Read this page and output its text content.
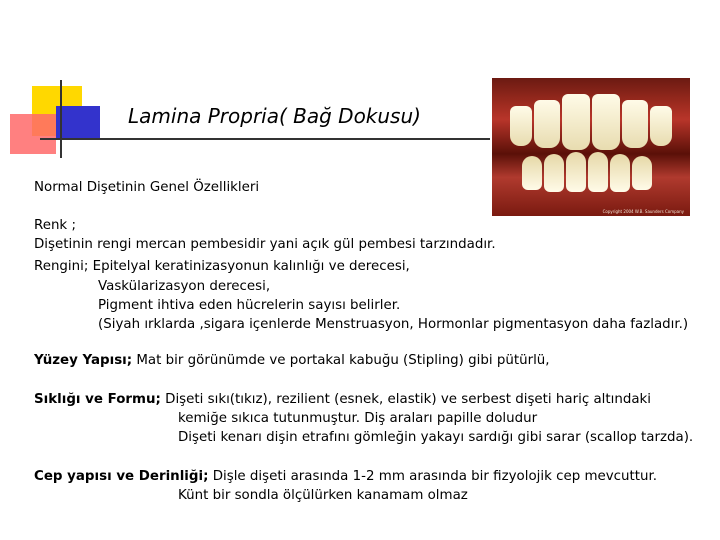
Lamina Propria( Bağ Dokusu)
Copyright 2004 W.B. Saunders Company
Normal Dişetinin Genel Özellikleri
Renk ;
Dişetinin rengi mercan pembesidir yani açık gül pembesi tarzındadır.
Rengini; Epitelyal keratinizasyonun kalınlığı ve derecesi,
Vaskülarizasyon derecesi,
Pigment ihtiva eden hücrelerin sayısı belirler.
(Siyah ırklarda ,sigara içenlerde Menstruasyon, Hormonlar pigmentasyon daha fazladır.)
Yüzey Yapısı; Mat bir görünümde ve portakal kabuğu (Stipling) gibi pütürlü,
Sıklığı ve Formu; Dişeti sıkı(tıkız), rezilient (esnek, elastik) ve serbest dişeti hariç altındaki
kemiğe sıkıca tutunmuştur. Diş araları papille doludur
Dişeti kenarı dişin etrafını gömleğin yakayı sardığı gibi sarar (scallop tarzda).
Cep yapısı ve Derinliği; Dişle dişeti arasında 1-2 mm arasında bir fizyolojik cep mevcuttur.
Künt bir sondla ölçülürken kanamam olmaz
